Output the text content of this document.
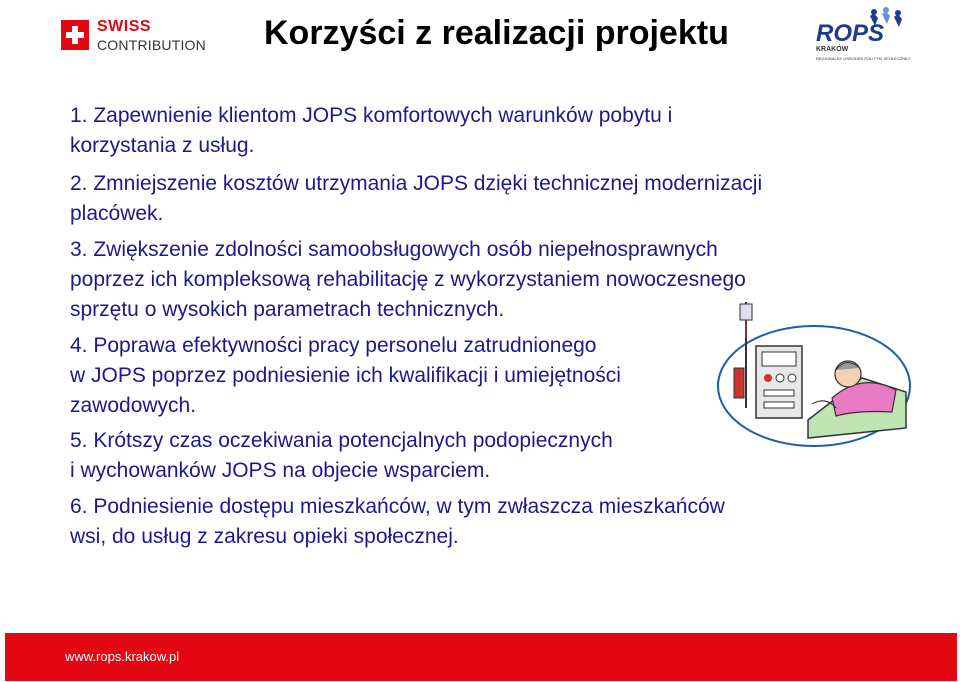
SWISS
CONTRIBUTION Korzyści z realizacji projektu	ROPS
KRAKÓW
REGIONALNY OŚRODEK POLITYKI SPOŁECZNEJ
1. Zapewnienie klientom JOPS komfortowych warunków pobytu i
korzystania z usług.
2. Zmniejszenie kosztów utrzymania JOPS dzięki technicznej modernizacji
placówek.
3. Zwiększenie zdolności samoobsługowych osób niepełnosprawnych
poprzez ich kompleksową rehabilitację z wykorzystaniem nowoczesnego
sprzętu o wysokich parametrach technicznych.
4. Poprawa efektywności pracy personelu zatrudnionego
w JOPS poprzez podniesienie ich kwalifikacji i umiejętności
zawodowych.
5. Krótszy czas oczekiwania potencjalnych podopiecznych
i wychowanków JOPS na objecie wsparciem.
6. Podniesienie dostępu mieszkańców, w tym zwłaszcza mieszkańców
wsi, do usług z zakresu opieki społecznej.
www.rops.krakow.pl
